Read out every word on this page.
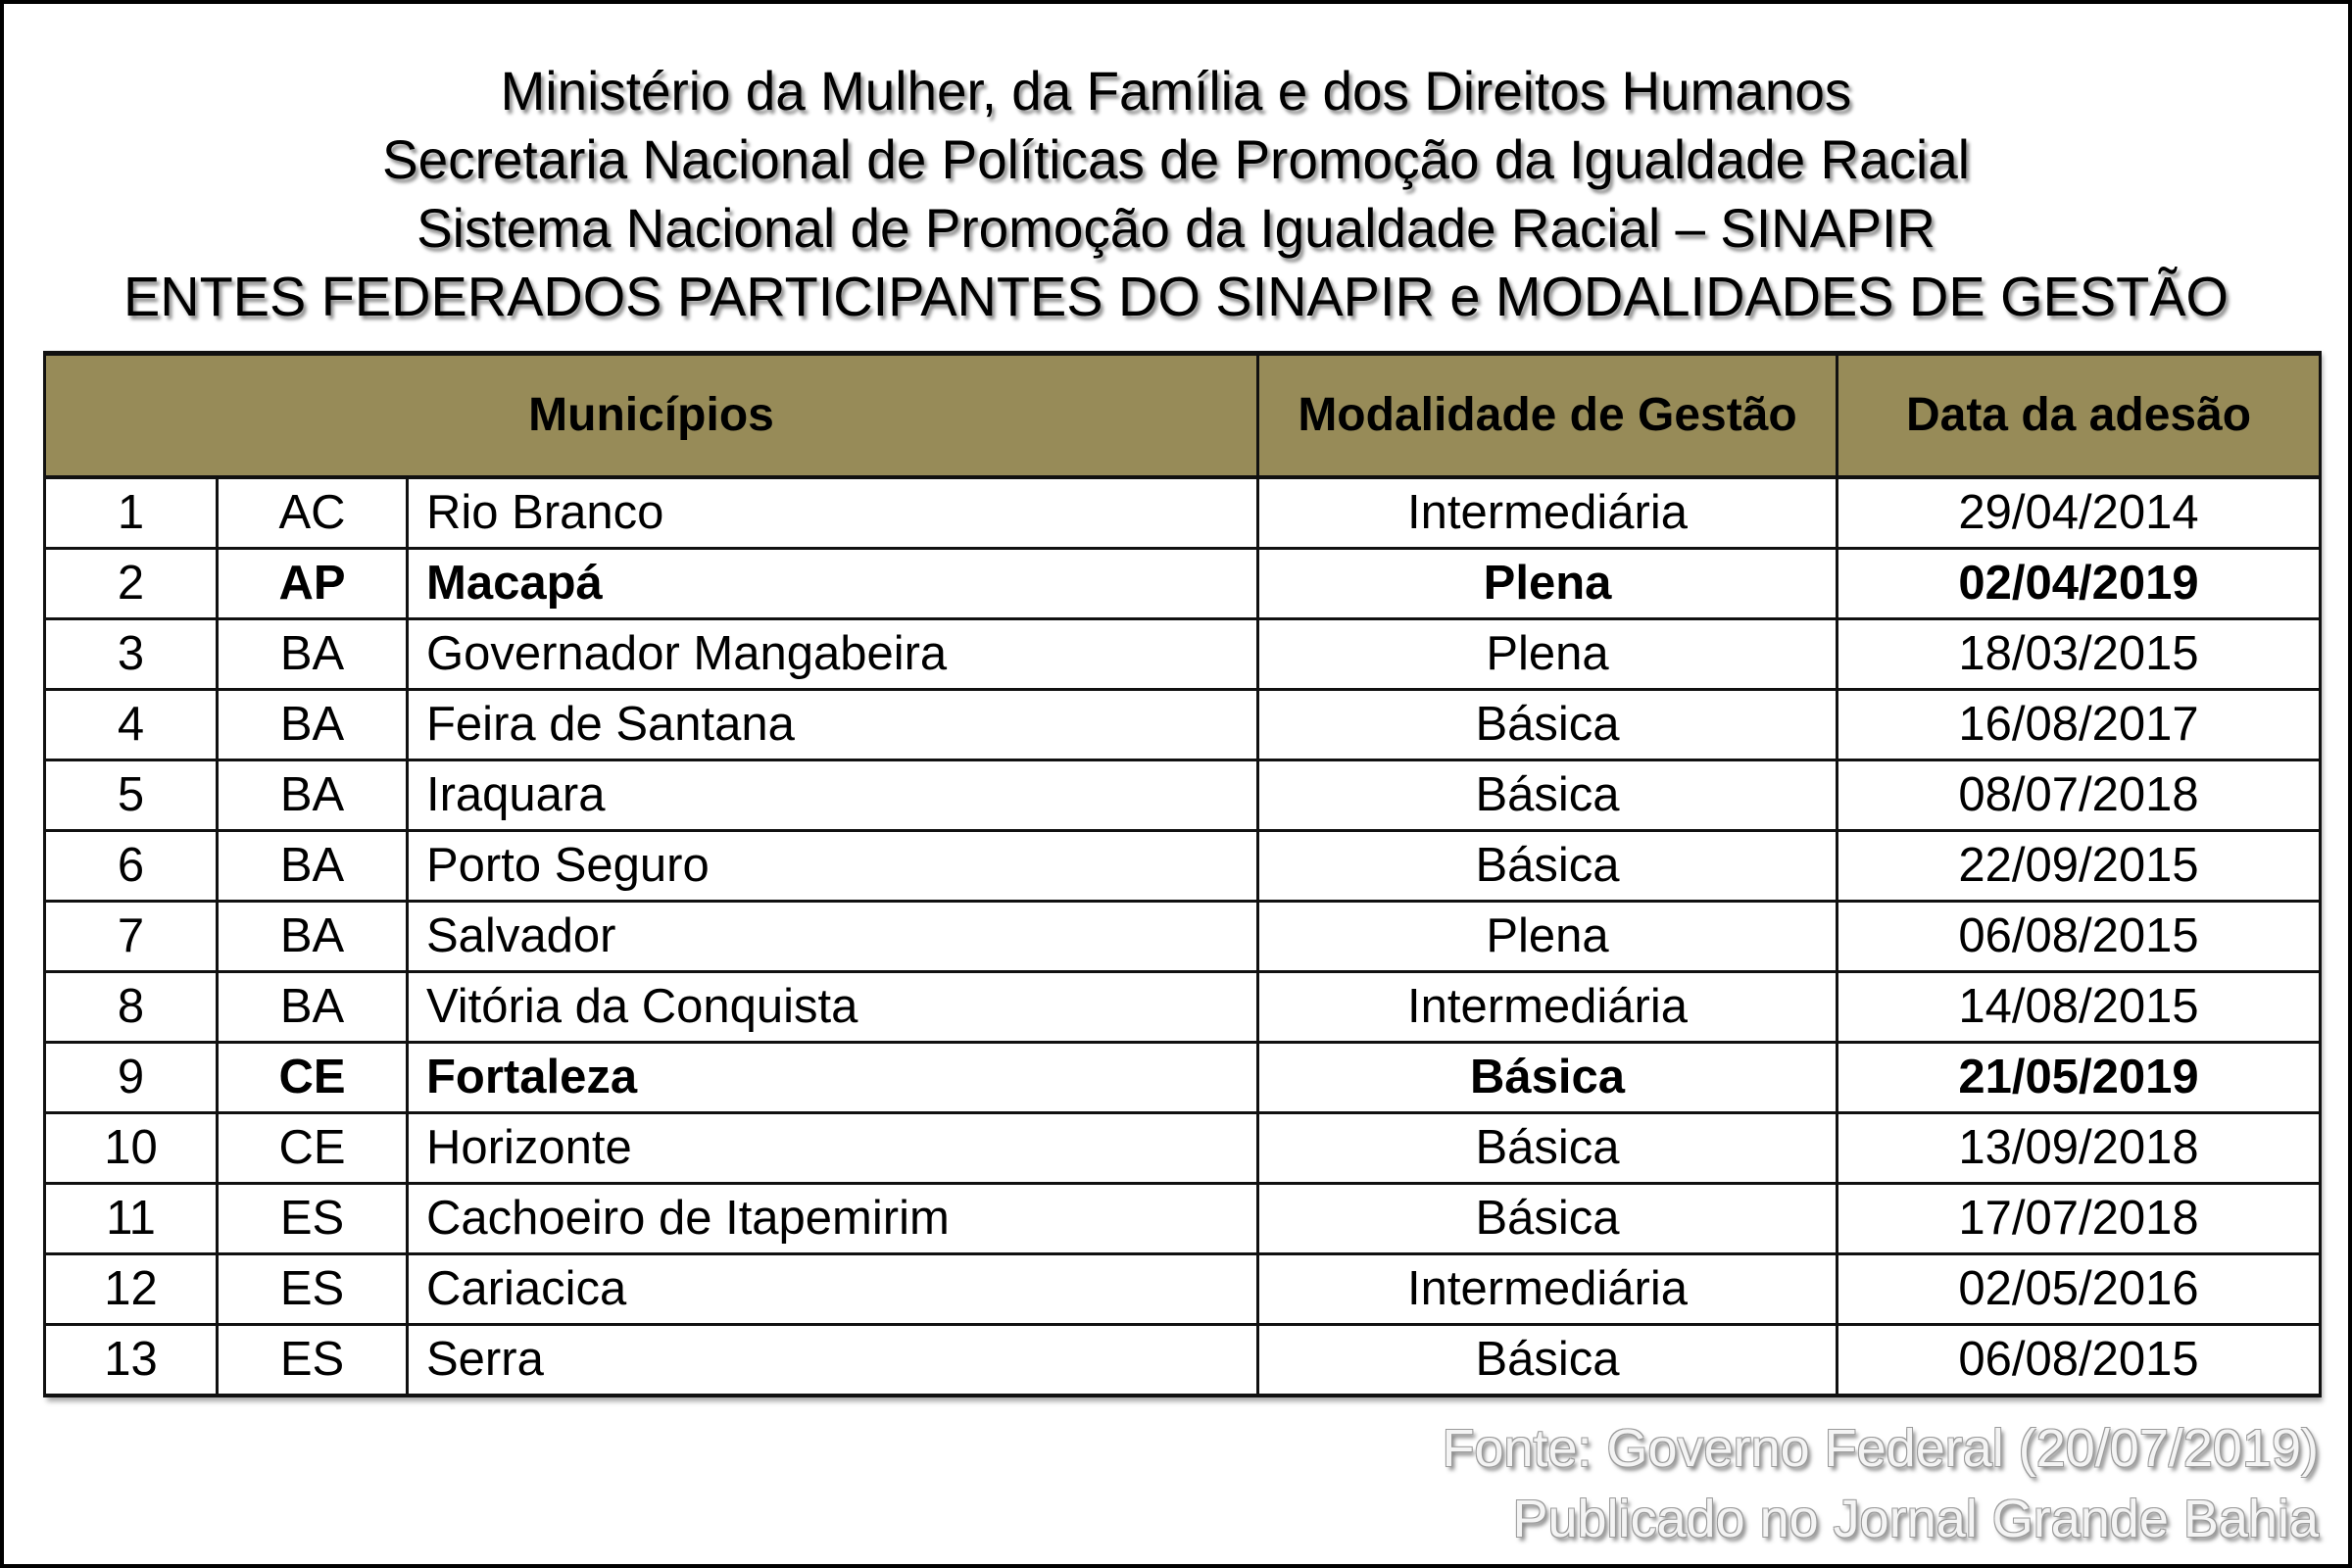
Ministério da Mulher, da Família e dos Direitos Humanos
Secretaria Nacional de Políticas de Promoção da Igualdade Racial
Sistema Nacional de Promoção da Igualdade Racial – SINAPIR
ENTES FEDERADOS PARTICIPANTES DO SINAPIR e MODALIDADES DE GESTÃO
Municípios			Modalidade de Gestão	Data da adesão
1	AC	Rio Branco	Intermediária	29/04/2014
2	AP	Macapá	Plena	02/04/2019
3	BA	Governador Mangabeira	Plena	18/03/2015
4	BA	Feira de Santana	Básica	16/08/2017
5	BA	Iraquara	Básica	08/07/2018
6	BA	Porto Seguro	Básica	22/09/2015
7	BA	Salvador	Plena	06/08/2015
8	BA	Vitória da Conquista	Intermediária	14/08/2015
9	CE	Fortaleza	Básica	21/05/2019
10	CE	Horizonte	Básica	13/09/2018
11	ES	Cachoeiro de Itapemirim	Básica	17/07/2018
12	ES	Cariacica	Intermediária	02/05/2016
13	ES	Serra	Básica	06/08/2015
Fonte: Governo Federal (20/07/2019)
Publicado no Jornal Grande Bahia
